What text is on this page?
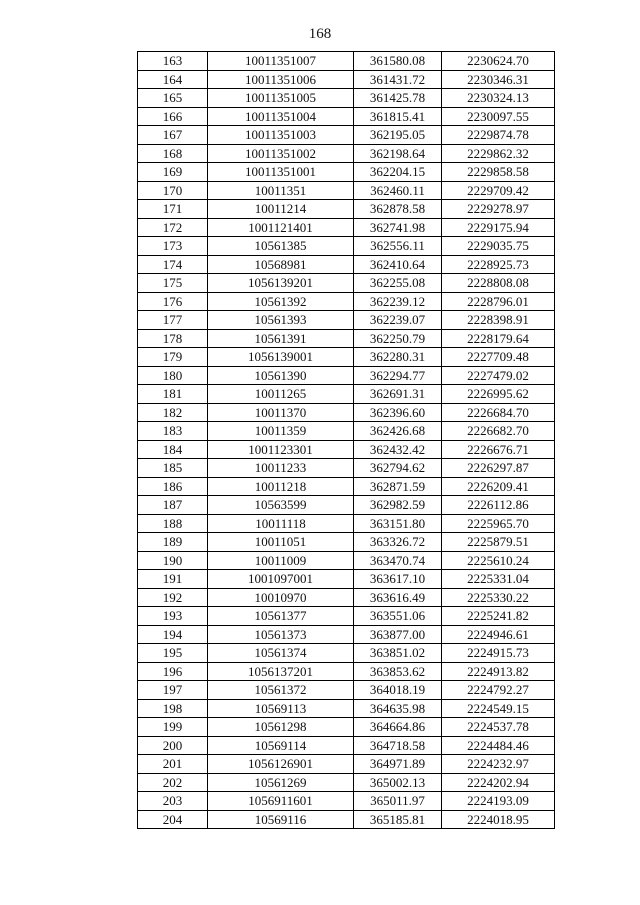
168
163	10011351007	361580.08	2230624.70
164	10011351006	361431.72	2230346.31
165	10011351005	361425.78	2230324.13
166	10011351004	361815.41	2230097.55
167	10011351003	362195.05	2229874.78
168	10011351002	362198.64	2229862.32
169	10011351001	362204.15	2229858.58
170	10011351	362460.11	2229709.42
171	10011214	362878.58	2229278.97
172	1001121401	362741.98	2229175.94
173	10561385	362556.11	2229035.75
174	10568981	362410.64	2228925.73
175	1056139201	362255.08	2228808.08
176	10561392	362239.12	2228796.01
177	10561393	362239.07	2228398.91
178	10561391	362250.79	2228179.64
179	1056139001	362280.31	2227709.48
180	10561390	362294.77	2227479.02
181	10011265	362691.31	2226995.62
182	10011370	362396.60	2226684.70
183	10011359	362426.68	2226682.70
184	1001123301	362432.42	2226676.71
185	10011233	362794.62	2226297.87
186	10011218	362871.59	2226209.41
187	10563599	362982.59	2226112.86
188	10011118	363151.80	2225965.70
189	10011051	363326.72	2225879.51
190	10011009	363470.74	2225610.24
191	1001097001	363617.10	2225331.04
192	10010970	363616.49	2225330.22
193	10561377	363551.06	2225241.82
194	10561373	363877.00	2224946.61
195	10561374	363851.02	2224915.73
196	1056137201	363853.62	2224913.82
197	10561372	364018.19	2224792.27
198	10569113	364635.98	2224549.15
199	10561298	364664.86	2224537.78
200	10569114	364718.58	2224484.46
201	1056126901	364971.89	2224232.97
202	10561269	365002.13	2224202.94
203	1056911601	365011.97	2224193.09
204	10569116	365185.81	2224018.95
